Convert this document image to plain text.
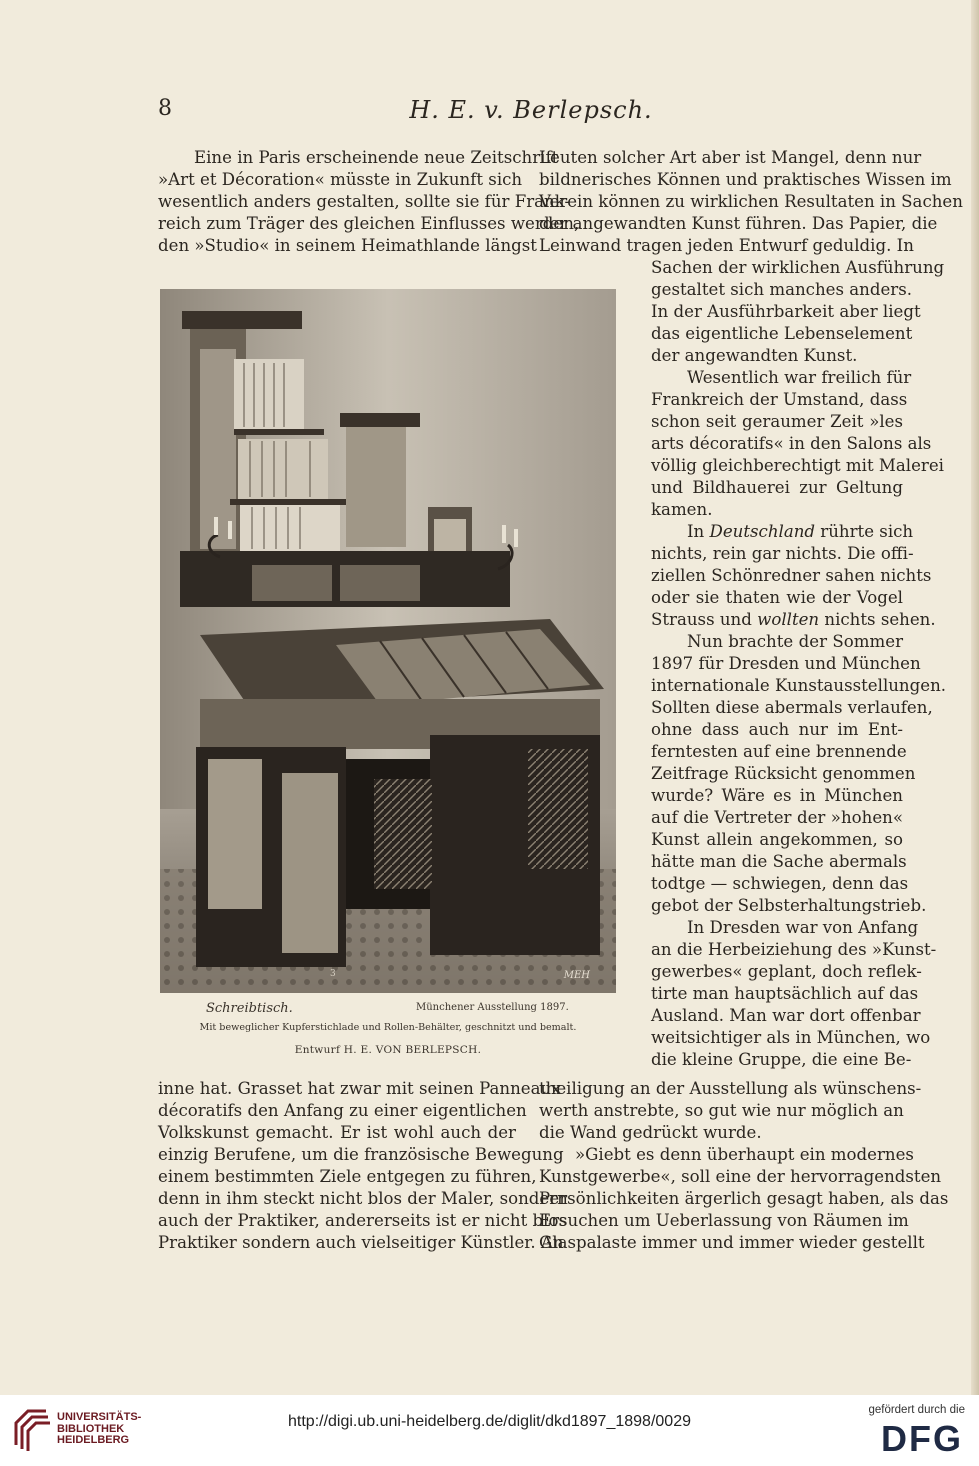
8	H. E. v. Berlepsch.
Eine in Paris erscheinende neue Zeitschrift
»Art et Décoration« müsste in Zukunft sich
wesentlich anders gestalten, sollte sie für Frank-
reich zum Träger des gleichen Einflusses werden,
den »Studio« in seinem Heimathlande längst
Leuten solcher Art aber ist Mangel, denn nur
bildnerisches Können und praktisches Wissen im
Verein können zu wirklichen Resultaten in Sachen
der angewandten Kunst führen. Das Papier, die
Leinwand tragen jeden Entwurf geduldig. In
Sachen der wirklichen Ausführung
gestaltet sich manches anders.
In der Ausführbarkeit aber liegt
das eigentliche Lebenselement
der angewandten Kunst.
Wesentlich war freilich für
Frankreich der Umstand, dass
schon seit geraumer Zeit »les
arts décoratifs« in den Salons als
völlig gleichberechtigt mit Malerei
und Bildhauerei zur Geltung
kamen.
In Deutschland rührte sich
nichts, rein gar nichts. Die offi-
ziellen Schönredner sahen nichts
oder sie thaten wie der Vogel
Strauss und wollten nichts sehen.
Nun brachte der Sommer
1897 für Dresden und München
internationale Kunstausstellungen.
Sollten diese abermals verlaufen,
ohne dass auch nur im Ent-
ferntesten auf eine brennende
Zeitfrage Rücksicht genommen
wurde? Wäre es in München
auf die Vertreter der »hohen«
Kunst allein angekommen, so
hätte man die Sache abermals
todtge — schwiegen, denn das
gebot der Selbsterhaltungstrieb.
In Dresden war von Anfang
an die Herbeiziehung des »Kunst-
gewerbes« geplant, doch reflek-
tirte man hauptsächlich auf das
Ausland. Man war dort offenbar
weitsichtiger als in München, wo
die kleine Gruppe, die eine Be-
MEH
3
Schreibtisch.	Münchener Ausstellung 1897.
Mit beweglicher Kupferstichlade und Rollen-Behälter, geschnitzt und bemalt.
Entwurf H. E. VON BERLEPSCH.
inne hat. Grasset hat zwar mit seinen Panneaux
décoratifs den Anfang zu einer eigentlichen
Volkskunst gemacht. Er ist wohl auch der
einzig Berufene, um die französische Bewegung
einem bestimmten Ziele entgegen zu führen,
denn in ihm steckt nicht blos der Maler, sondern
auch der Praktiker, andererseits ist er nicht blos
Praktiker sondern auch vielseitiger Künstler. An
theiligung an der Ausstellung als wünschens-
werth anstrebte, so gut wie nur möglich an
die Wand gedrückt wurde.
»Giebt es denn überhaupt ein modernes
Kunstgewerbe«, soll eine der hervorragendsten
Persönlichkeiten ärgerlich gesagt haben, als das
Ersuchen um Ueberlassung von Räumen im
Glaspalaste immer und immer wieder gestellt
UNIVERSITÄTS-
BIBLIOTHEK
HEIDELBERG
http://digi.ub.uni-heidelberg.de/diglit/dkd1897_1898/0029
gefördert durch die
DFG
